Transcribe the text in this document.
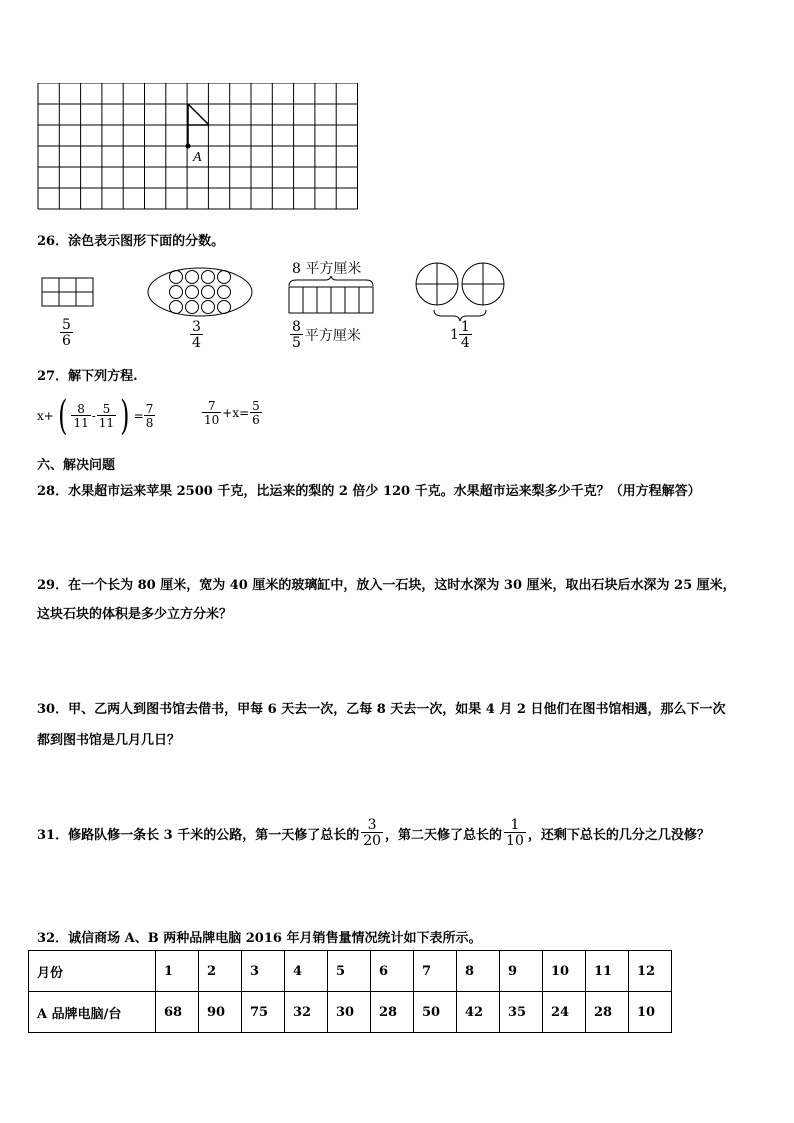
A
26．涂色表示图形下面的分数。
$\frac{5}{6}$	$\frac{3}{4}$
8 平方厘米
$\frac{8}{5}$ 平方厘米	$1 \frac{1}{4}$
27．解下列方程.
x+ ( $\frac{8}{11} - \frac{5}{11}$ ) = $\frac{7}{8}$	$\frac{7}{10} +x= \frac{5}{6}$
六、解决问题
28．水果超市运来苹果 2500 千克，比运来的梨的 2 倍少 120 千克。水果超市运来梨多少千克？（用方程解答）
29．在一个长为 80 厘米，宽为 40 厘米的玻璃缸中，放入一石块，这时水深为 30 厘米，取出石块后水深为 25 厘米，
这块石块的体积是多少立方分米？
30．甲、乙两人到图书馆去借书，甲每 6 天去一次，乙每 8 天去一次，如果 4 月 2 日他们在图书馆相遇，那么下一次
都到图书馆是几月几日？
31．修路队修一条长 3 千米的公路，第一天修了总长的 $\frac{3}{20}$ ，第二天修了总长的 $\frac{1}{10}$ ，还剩下总长的几分之几没修？
32．诚信商场 A、B 两种品牌电脑 2016 年月销售量情况统计如下表所示。
月份	1	2	3	4	5	6	7	8	9	10	11	12
A 品牌电脑/台	68	90	75	32	30	28	50	42	35	24	28	10
